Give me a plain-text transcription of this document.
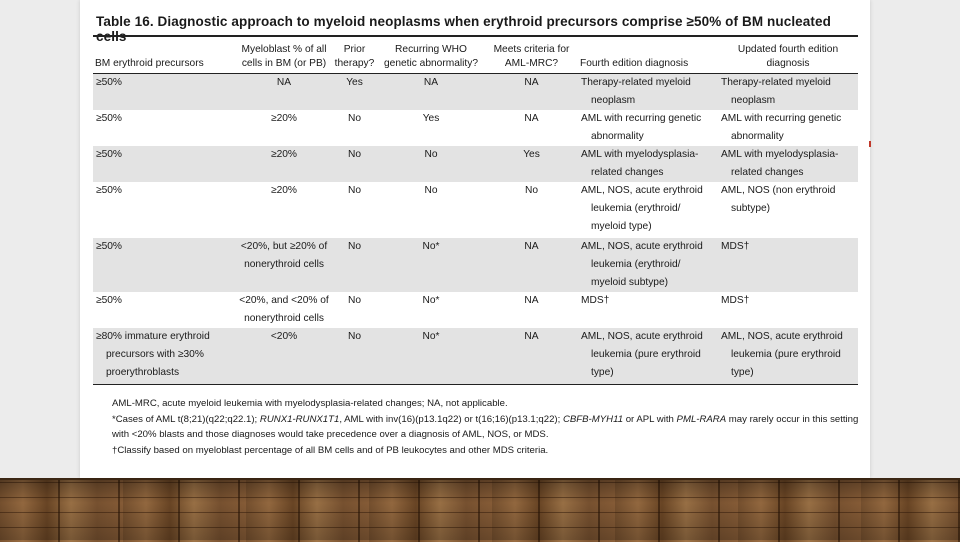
Table 16. Diagnostic approach to myeloid neoplasms when erythroid precursors comprise ≥50% of BM nucleated cells
BM erythroid precursors	Myeloblast % of all cells in BM (or PB)	Prior therapy?	Recurring WHO genetic abnormality?	Meets criteria for AML-MRC?	Fourth edition diagnosis	Updated fourth edition diagnosis
≥50%	NA	Yes	NA	NA	Therapy-related myeloid neoplasm	Therapy-related myeloid neoplasm

≥50%	≥20%	No	Yes	NA	AML with recurring genetic abnormality	AML with recurring genetic abnormality

≥50%	≥20%	No	No	Yes	AML with myelodysplasia-related changes	AML with myelodysplasia-related changes

≥50%	≥20%	No	No	No	AML, NOS, acute erythroid leukemia (erythroid/ myeloid type)	AML, NOS (non erythroid subtype)

≥50%	<20%, but ≥20% of nonerythroid cells	No	No*	NA	AML, NOS, acute erythroid leukemia (erythroid/ myeloid subtype)	MDS†

≥50%	<20%, and <20% of nonerythroid cells	No	No*	NA	MDS†	MDS†

≥80% immature erythroid precursors with ≥30% proerythroblasts	<20%	No	No*	NA	AML, NOS, acute erythroid leukemia (pure erythroid type)	AML, NOS, acute erythroid leukemia (pure erythroid type)

AML-MRC, acute myeloid leukemia with myelodysplasia-related changes; NA, not applicable.

*Cases of AML t(8;21)(q22;q22.1); RUNX1-RUNX1T1, AML with inv(16)(p13.1q22) or t(16;16)(p13.1;q22); CBFB-MYH11 or APL with PML-RARA may rarely occur in this setting with <20% blasts and those diagnoses would take precedence over a diagnosis of AML, NOS, or MDS.

†Classify based on myeloblast percentage of all BM cells and of PB leukocytes and other MDS criteria.
